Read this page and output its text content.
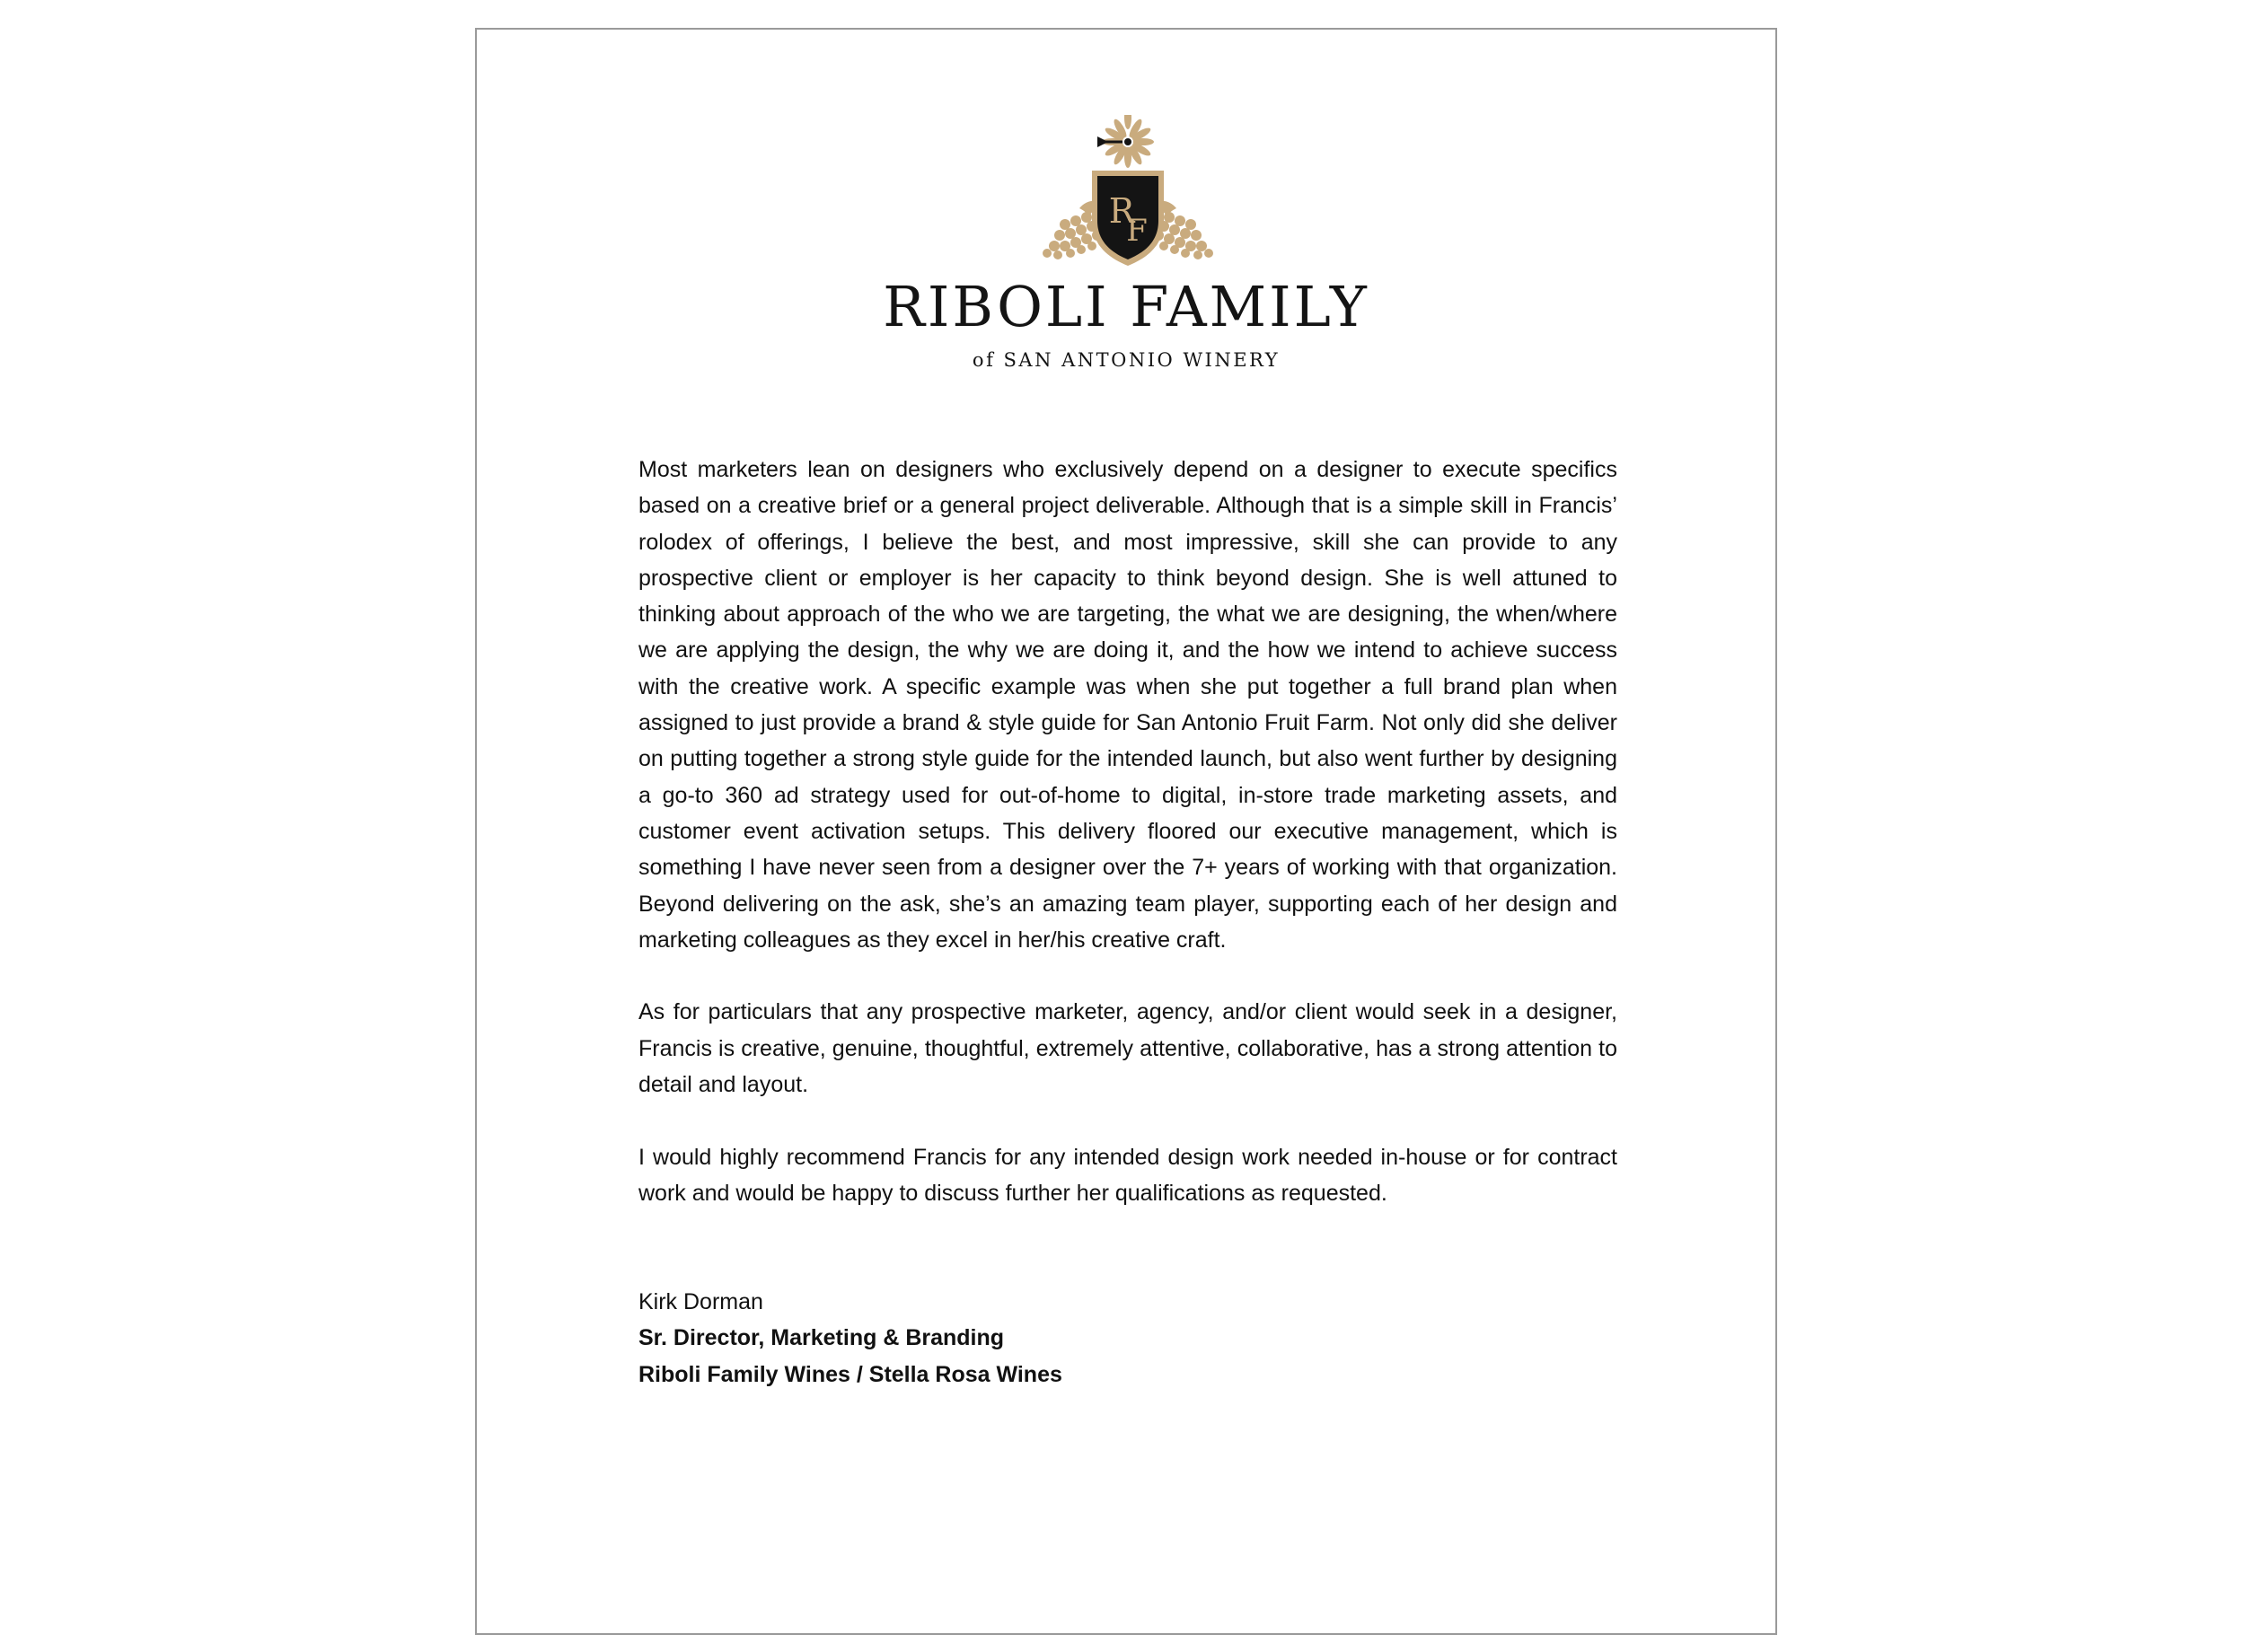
R
F
RIBOLI FAMILY
of SAN ANTONIO WINERY

Most marketers lean on designers who exclusively depend on a designer to execute specifics based on a creative brief or a general project deliverable. Although that is a simple skill in Francis’ rolodex of offerings, I believe the best, and most impressive, skill she can provide to any prospective client or employer is her capacity to think beyond design. She is well attuned to thinking about approach of the who we are targeting, the what we are designing, the when/where we are applying the design, the why we are doing it, and the how we intend to achieve success with the creative work. A specific example was when she put together a full brand plan when assigned to just provide a brand & style guide for San Antonio Fruit Farm. Not only did she deliver on putting together a strong style guide for the intended launch, but also went further by designing a go-to 360 ad strategy used for out-of-home to digital, in-store trade marketing assets, and customer event activation setups. This delivery floored our executive management, which is something I have never seen from a designer over the 7+ years of working with that organization. Beyond delivering on the ask, she’s an amazing team player, supporting each of her design and marketing colleagues as they excel in her/his creative craft.

As for particulars that any prospective marketer, agency, and/or client would seek in a designer, Francis is creative, genuine, thoughtful, extremely attentive, collaborative, has a strong attention to detail and layout.

I would highly recommend Francis for any intended design work needed in-house or for contract work and would be happy to discuss further her qualifications as requested.

Kirk Dorman
Sr. Director, Marketing & Branding
Riboli Family Wines / Stella Rosa Wines
